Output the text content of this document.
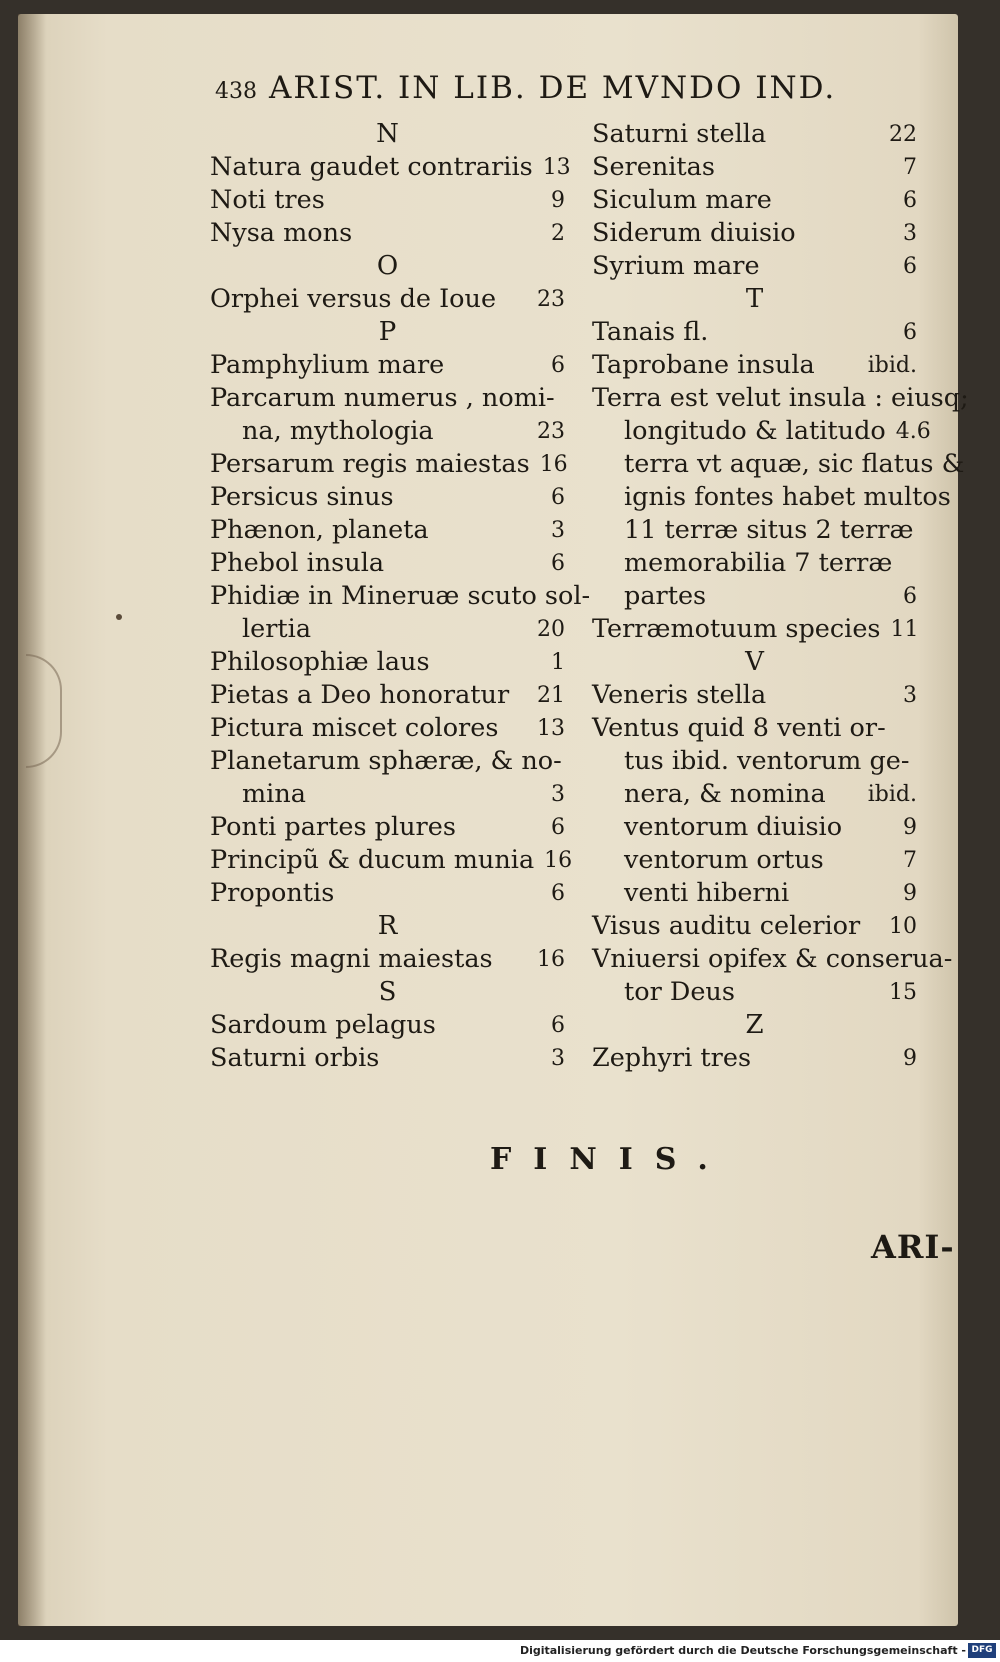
438 ARIST. IN LIB. DE MVNDO IND.
N
Natura gaudet contrariis 13
Noti tres	9
Nysa mons	2
O
Orphei versus de Ioue	23
P
Pamphylium mare	6
Parcarum numerus , nomi-
na, mythologia	23
Persarum regis maiestas 16
Persicus sinus	6
Phænon, planeta	3
Phebol insula	6
Phidiæ in Mineruæ scuto sol-
lertia	20
Philosophiæ laus	1
Pietas a Deo honoratur	21
Pictura miscet colores	13
Planetarum sphæræ, & no-
mina	3
Ponti partes plures	6
Principũ & ducum munia 16
Propontis	6
R
Regis magni maiestas	16
S
Sardoum pelagus	6
Saturni orbis	3
Saturni stella	22
Serenitas	7
Siculum mare	6
Siderum diuisio	3
Syrium mare	6
T
Tanais fl.	6
Taprobane insula	ibid.
Terra est velut insula : eiusq;
longitudo & latitudo 4.6
terra vt aquæ, sic flatus &
ignis fontes habet multos
11 terræ situs 2 terræ
memorabilia 7 terræ
partes	6
Terræmotuum species 11
V
Veneris stella	3
Ventus quid 8 venti or-
tus ibid. ventorum ge-
nera, & nomina	ibid.
ventorum diuisio	9
ventorum ortus	7
venti hiberni	9
Visus auditu celerior	10
Vniuersi opifex & conserua-
tor Deus	15
Z
Zephyri tres	9
FINIS.
ARI-
Digitalisierung gefördert durch die Deutsche Forschungsgemeinschaft - DFG
